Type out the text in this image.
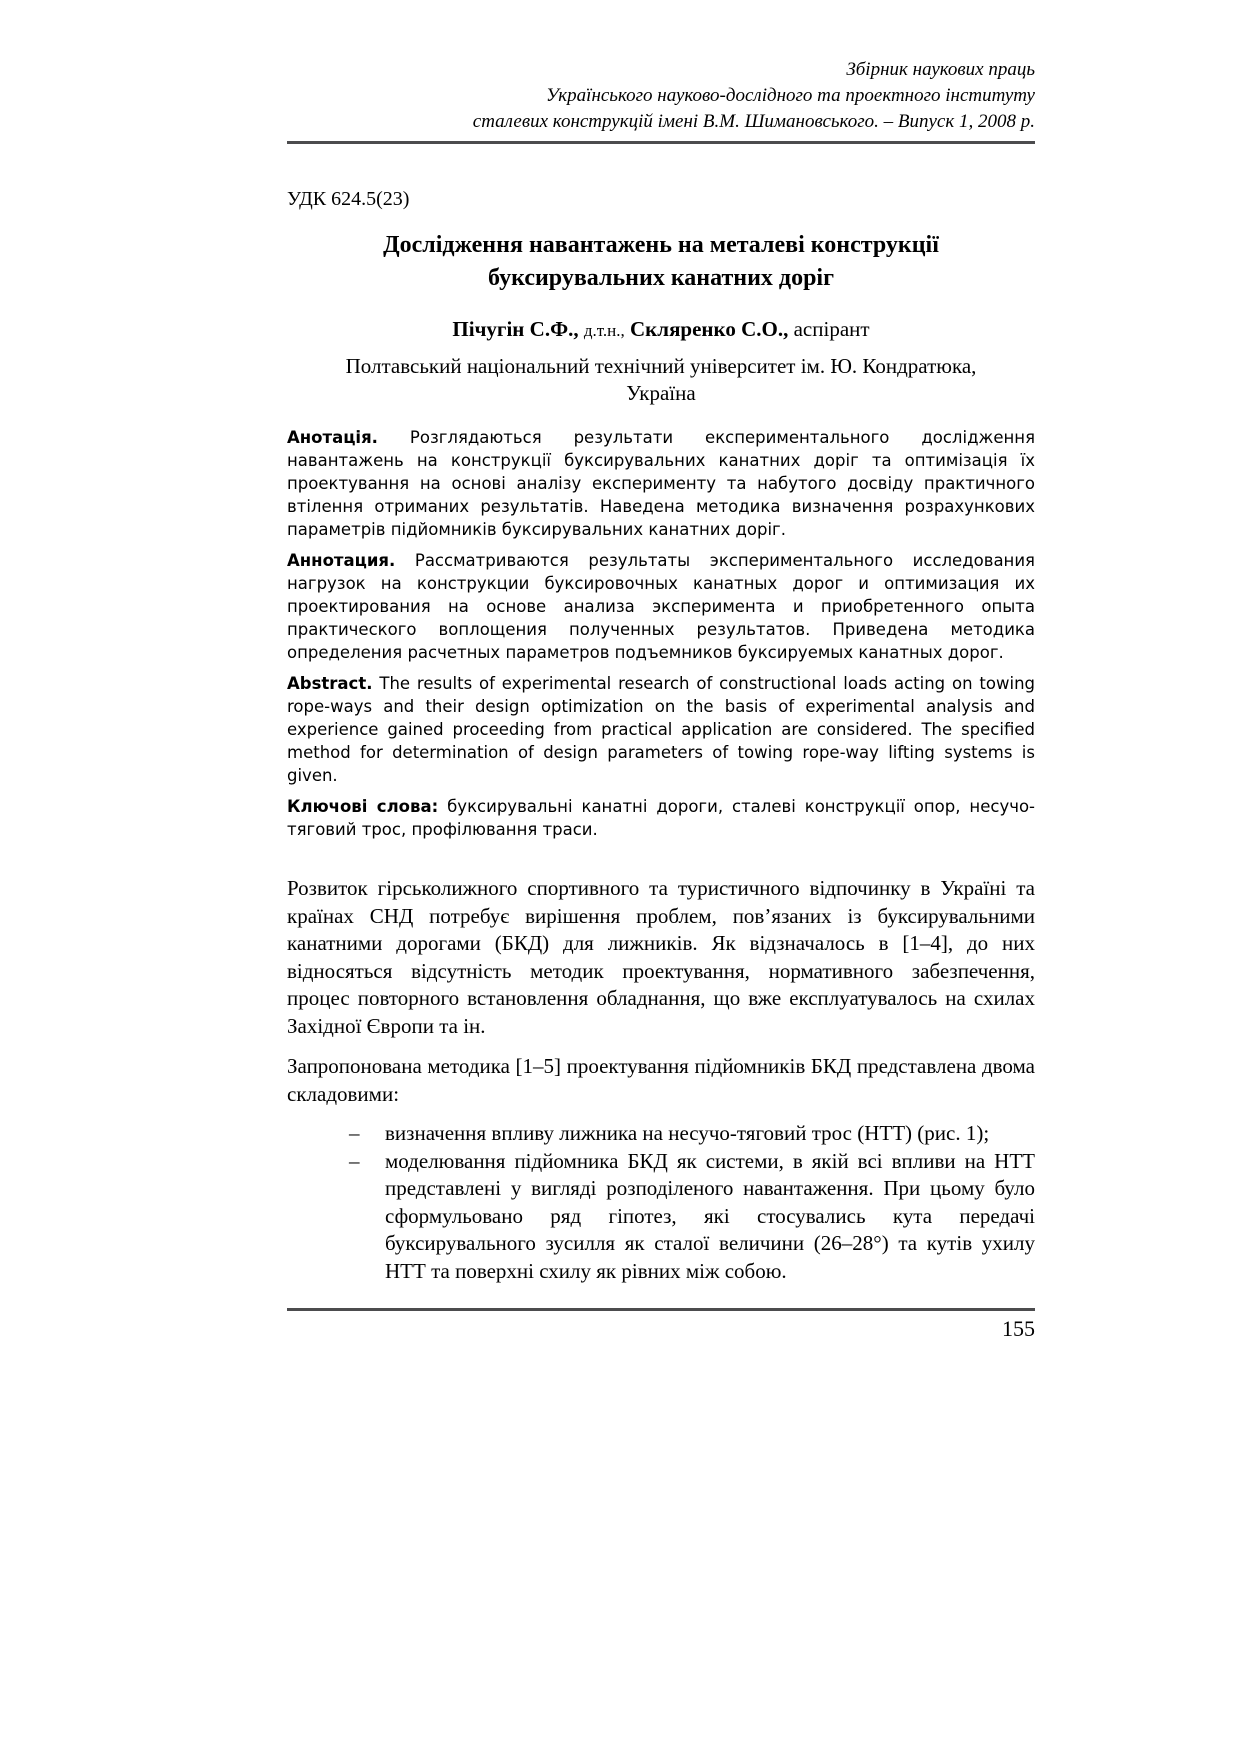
Збірник наукових праць
Українського науково-дослідного та проектного інституту
сталевих конструкцій імені В.М. Шимановського. – Випуск 1, 2008 р.
УДК 624.5(23)
Дослідження навантажень на металеві конструкції
буксирувальних канатних доріг
Пічугін С.Ф., д.т.н., Скляренко С.О., аспірант
Полтавський національний технічний університет ім. Ю. Кондратюка,
Україна

Анотація. Розглядаються результати експериментального дослідження навантажень на конструкції буксирувальних канатних доріг та оптимізація їх проектування на основі аналізу експерименту та набутого досвіду практичного втілення отриманих результатів. Наведена методика визначення розрахункових параметрів підйомників буксирувальних канатних доріг.

Аннотация. Рассматриваются результаты экспериментального исследования нагрузок на конструкции буксировочных канатных дорог и оптимизация их проектирования на основе анализа эксперимента и приобретенного опыта практического воплощения полученных результатов. Приведена методика определения расчетных параметров подъемников буксируемых канатных дорог.

Abstract. The results of experimental research of constructional loads acting on towing rope-ways and their design optimization on the basis of experimental analysis and experience gained proceeding from practical application are considered. The specified method for determination of design parameters of towing rope-way lifting systems is given.

Ключові слова: буксирувальні канатні дороги, сталеві конструкції опор, несучо-тяговий трос, профілювання траси.

Розвиток гірськолижного спортивного та туристичного відпочинку в Україні та країнах СНД потребує вирішення проблем, пов’язаних із буксирувальними канатними дорогами (БКД) для лижників. Як відзначалось в [1–4], до них відносяться відсутність методик проектування, нормативного забезпечення, процес повторного встановлення обладнання, що вже експлуатувалось на схилах Західної Європи та ін.

Запропонована методика [1–5] проектування підйомників БКД представлена двома складовими:

–	визначення впливу лижника на несучо-тяговий трос (НТТ) (рис. 1);
–	моделювання підйомника БКД як системи, в якій всі впливи на НТТ представлені у вигляді розподіленого навантаження. При цьому було сформульовано ряд гіпотез, які стосувались кута передачі буксирувального зусилля як сталої величини (26–28°) та кутів ухилу НТТ та поверхні схилу як рівних між собою.
155
